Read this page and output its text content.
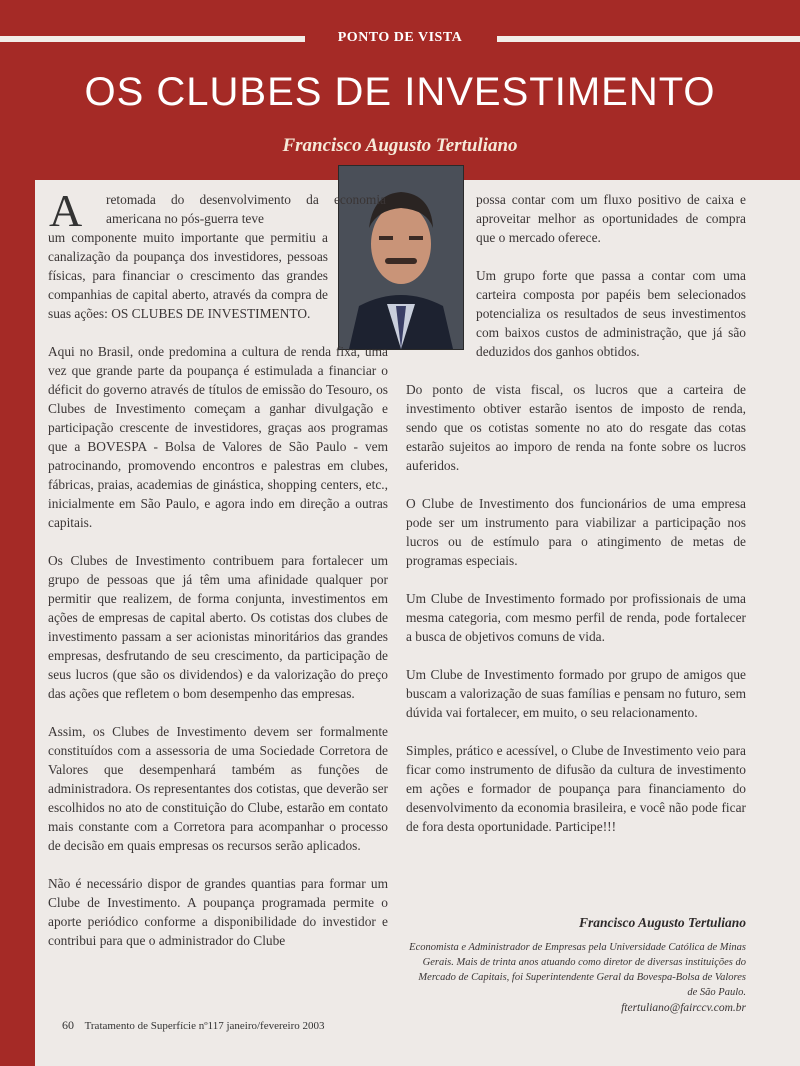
PONTO DE VISTA
OS CLUBES DE INVESTIMENTO
Francisco Augusto Tertuliano
A retomada do desenvolvimento da economia americana no pós-guerra teve

um componente muito importante que permitiu a canalização da poupança dos investidores, pessoas físicas, para financiar o crescimento das grandes companhias de capital aberto, através da compra de suas ações: OS CLUBES DE INVESTIMENTO.

Aqui no Brasil, onde predomina a cultura de renda fixa, uma vez que grande parte da poupança é estimulada a financiar o déficit do governo através de títulos de emissão do Tesouro, os Clubes de Investimento começam a ganhar divulgação e participação crescente de investidores, graças aos programas que a BOVESPA - Bolsa de Valores de São Paulo - vem patrocinando, promovendo encontros e palestras em clubes, fábricas, praias, academias de ginástica, shopping centers, etc., inicialmente em São Paulo, e agora indo em direção a outras capitais.

Os Clubes de Investimento contribuem para fortalecer um grupo de pessoas que já têm uma afinidade qualquer por permitir que realizem, de forma conjunta, investimentos em ações de empresas de capital aberto. Os cotistas dos clubes de investimento passam a ser acionistas minoritários das grandes empresas, desfrutando de seu crescimento, da participação de seus lucros (que são os dividendos) e da valorização do preço das ações que refletem o bom desempenho das empresas.

Assim, os Clubes de Investimento devem ser formalmente constituídos com a assessoria de uma Sociedade Corretora de Valores que desempenhará também as funções de administradora. Os representantes dos cotistas, que deverão ser escolhidos no ato de constituição do Clube, estarão em contato mais constante com a Corretora para acompanhar o processo de decisão em quais empresas os recursos serão aplicados.

Não é necessário dispor de grandes quantias para formar um Clube de Investimento. A poupança programada permite o aporte periódico conforme a disponibilidade do investidor e contribui para que o administrador do Clube

possa contar com um fluxo positivo de caixa e aproveitar melhor as oportunidades de compra que o mercado oferece.

Um grupo forte que passa a contar com uma carteira composta por papéis bem selecionados potencializa os resultados de seus investimentos com baixos custos de administração, que já são deduzidos dos ganhos obtidos.

Do ponto de vista fiscal, os lucros que a carteira de investimento obtiver estarão isentos de imposto de renda, sendo que os cotistas somente no ato do resgate das cotas estarão sujeitos ao imporo de renda na fonte sobre os lucros auferidos.

O Clube de Investimento dos funcionários de uma empresa pode ser um instrumento para viabilizar a participação nos lucros ou de estímulo para o atingimento de metas de programas especiais.

Um Clube de Investimento formado por profissionais de uma mesma categoria, com mesmo perfil de renda, pode fortalecer a busca de objetivos comuns de vida.

Um Clube de Investimento formado por grupo de amigos que buscam a valorização de suas famílias e pensam no futuro, sem dúvida vai fortalecer, em muito, o seu relacionamento.

Simples, prático e acessível, o Clube de Investimento veio para ficar como instrumento de difusão da cultura de investimento em ações e formador de poupança para financiamento do desenvolvimento da economia brasileira, e você não pode ficar de fora desta oportunidade. Participe!!!

Francisco Augusto Tertuliano
Economista e Administrador de Empresas pela Universidade Católica de Minas Gerais. Mais de trinta anos atuando como diretor de diversas instituições do Mercado de Capitais, foi Superintendente Geral da Bovespa-Bolsa de Valores de São Paulo.
ftertuliano@fairccv.com.br
60 Tratamento de Superfície nº117 janeiro/fevereiro 2003
